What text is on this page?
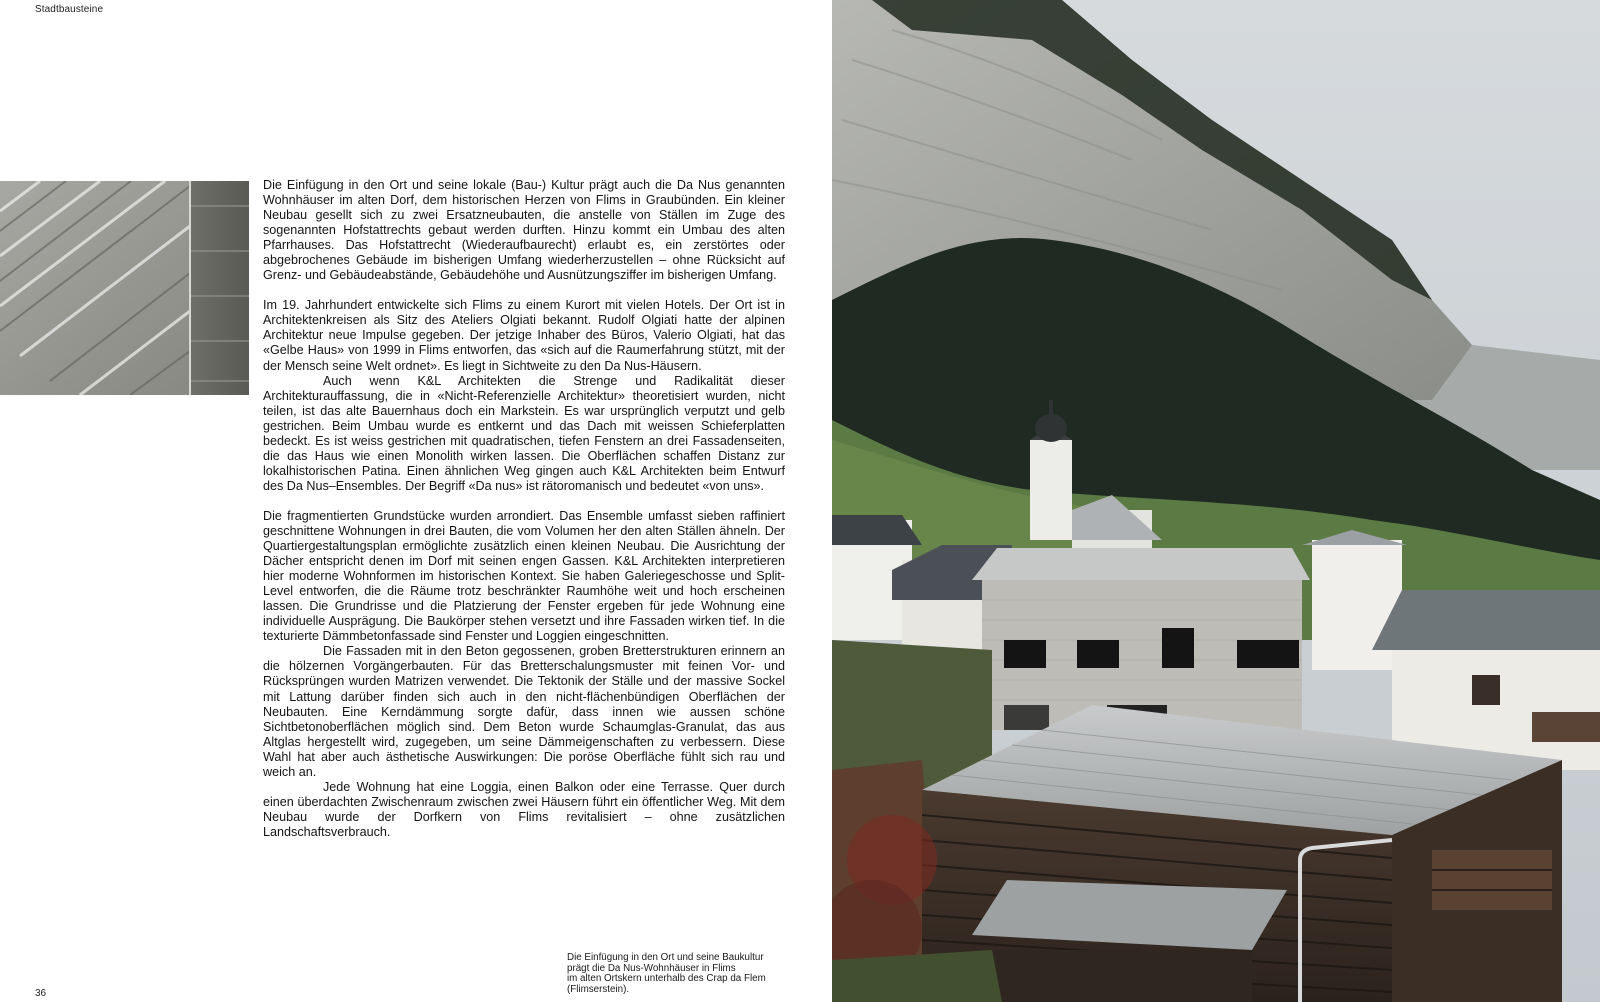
Stadtbausteine

Die Einfügung in den Ort und seine lokale (Bau-) Kultur prägt auch die Da Nus genannten Wohnhäuser im alten Dorf, dem historischen Herzen von Flims in Graubünden. Ein kleiner Neubau gesellt sich zu zwei Ersatzneubauten, die anstelle von Ställen im Zuge des sogenannten Hofstattrechts gebaut werden durften. Hinzu kommt ein Umbau des alten Pfarrhauses. Das Hofstattrecht (Wiederaufbaurecht) erlaubt es, ein zerstörtes oder abgebrochenes Gebäude im bisherigen Umfang wiederherzustellen – ohne Rücksicht auf Grenz- und Gebäudeabstände, Gebäudehöhe und Ausnützungsziffer im bisherigen Umfang.

Im 19. Jahrhundert entwickelte sich Flims zu einem Kurort mit vielen Hotels. Der Ort ist in Architektenkreisen als Sitz des Ateliers Olgiati bekannt. Rudolf Olgiati hatte der alpinen Architektur neue Impulse gegeben. Der jetzige Inhaber des Büros, Valerio Olgiati, hat das «Gelbe Haus» von 1999 in Flims entworfen, das «sich auf die Raumerfahrung stützt, mit der der Mensch seine Welt ordnet». Es liegt in Sichtweite zu den Da Nus-Häusern.

Auch wenn K&L Architekten die Strenge und Radikalität dieser Architekturauffassung, die in «Nicht-Referenzielle Architektur» theoretisiert wurden, nicht teilen, ist das alte Bauernhaus doch ein Markstein. Es war ursprünglich verputzt und gelb gestrichen. Beim Umbau wurde es entkernt und das Dach mit weissen Schieferplatten bedeckt. Es ist weiss gestrichen mit quadratischen, tiefen Fenstern an drei Fassadenseiten, die das Haus wie einen Monolith wirken lassen. Die Oberflächen schaffen Distanz zur lokalhistorischen Patina. Einen ähnlichen Weg gingen auch K&L Architekten beim Entwurf des Da Nus–Ensembles. Der Begriff «Da nus» ist rätoromanisch und bedeutet «von uns».

Die fragmentierten Grundstücke wurden arrondiert. Das Ensemble umfasst sieben raffiniert geschnittene Wohnungen in drei Bauten, die vom Volumen her den alten Ställen ähneln. Der Quartiergestaltungsplan ermöglichte zusätzlich einen kleinen Neubau. Die Ausrichtung der Dächer entspricht denen im Dorf mit seinen engen Gassen. K&L Architekten interpretieren hier moderne Wohnformen im historischen Kontext. Sie haben Galeriegeschosse und Split-Level entworfen, die die Räume trotz beschränkter Raumhöhe weit und hoch erscheinen lassen. Die Grundrisse und die Platzierung der Fenster ergeben für jede Wohnung eine individuelle Ausprägung. Die Baukörper stehen versetzt und ihre Fassaden wirken tief. In die texturierte Dämmbetonfassade sind Fenster und Loggien eingeschnitten.

Die Fassaden mit in den Beton gegossenen, groben Bretterstrukturen erinnern an die hölzernen Vorgängerbauten. Für das Bretterschalungsmuster mit feinen Vor- und Rücksprüngen wurden Matrizen verwendet. Die Tektonik der Ställe und der massive Sockel mit Lattung darüber finden sich auch in den nicht-flächenbündigen Oberflächen der Neubauten. Eine Kerndämmung sorgte dafür, dass innen wie aussen schöne Sichtbetonoberflächen möglich sind. Dem Beton wurde Schaumglas-Granulat, das aus Altglas hergestellt wird, zugegeben, um seine Dämmeigenschaften zu verbessern. Diese Wahl hat aber auch ästhetische Auswirkungen: Die poröse Oberfläche fühlt sich rau und weich an.

Jede Wohnung hat eine Loggia, einen Balkon oder eine Terrasse. Quer durch einen überdachten Zwischenraum zwischen zwei Häusern führt ein öffentlicher Weg. Mit dem Neubau wurde der Dorfkern von Flims revitalisiert – ohne zusätzlichen Landschaftsverbrauch.

Die Einfügung in den Ort und seine Baukultur
prägt die Da Nus-Wohnhäuser in Flims
im alten Ortskern unterhalb des Crap da Flem
(Flimserstein).
36
